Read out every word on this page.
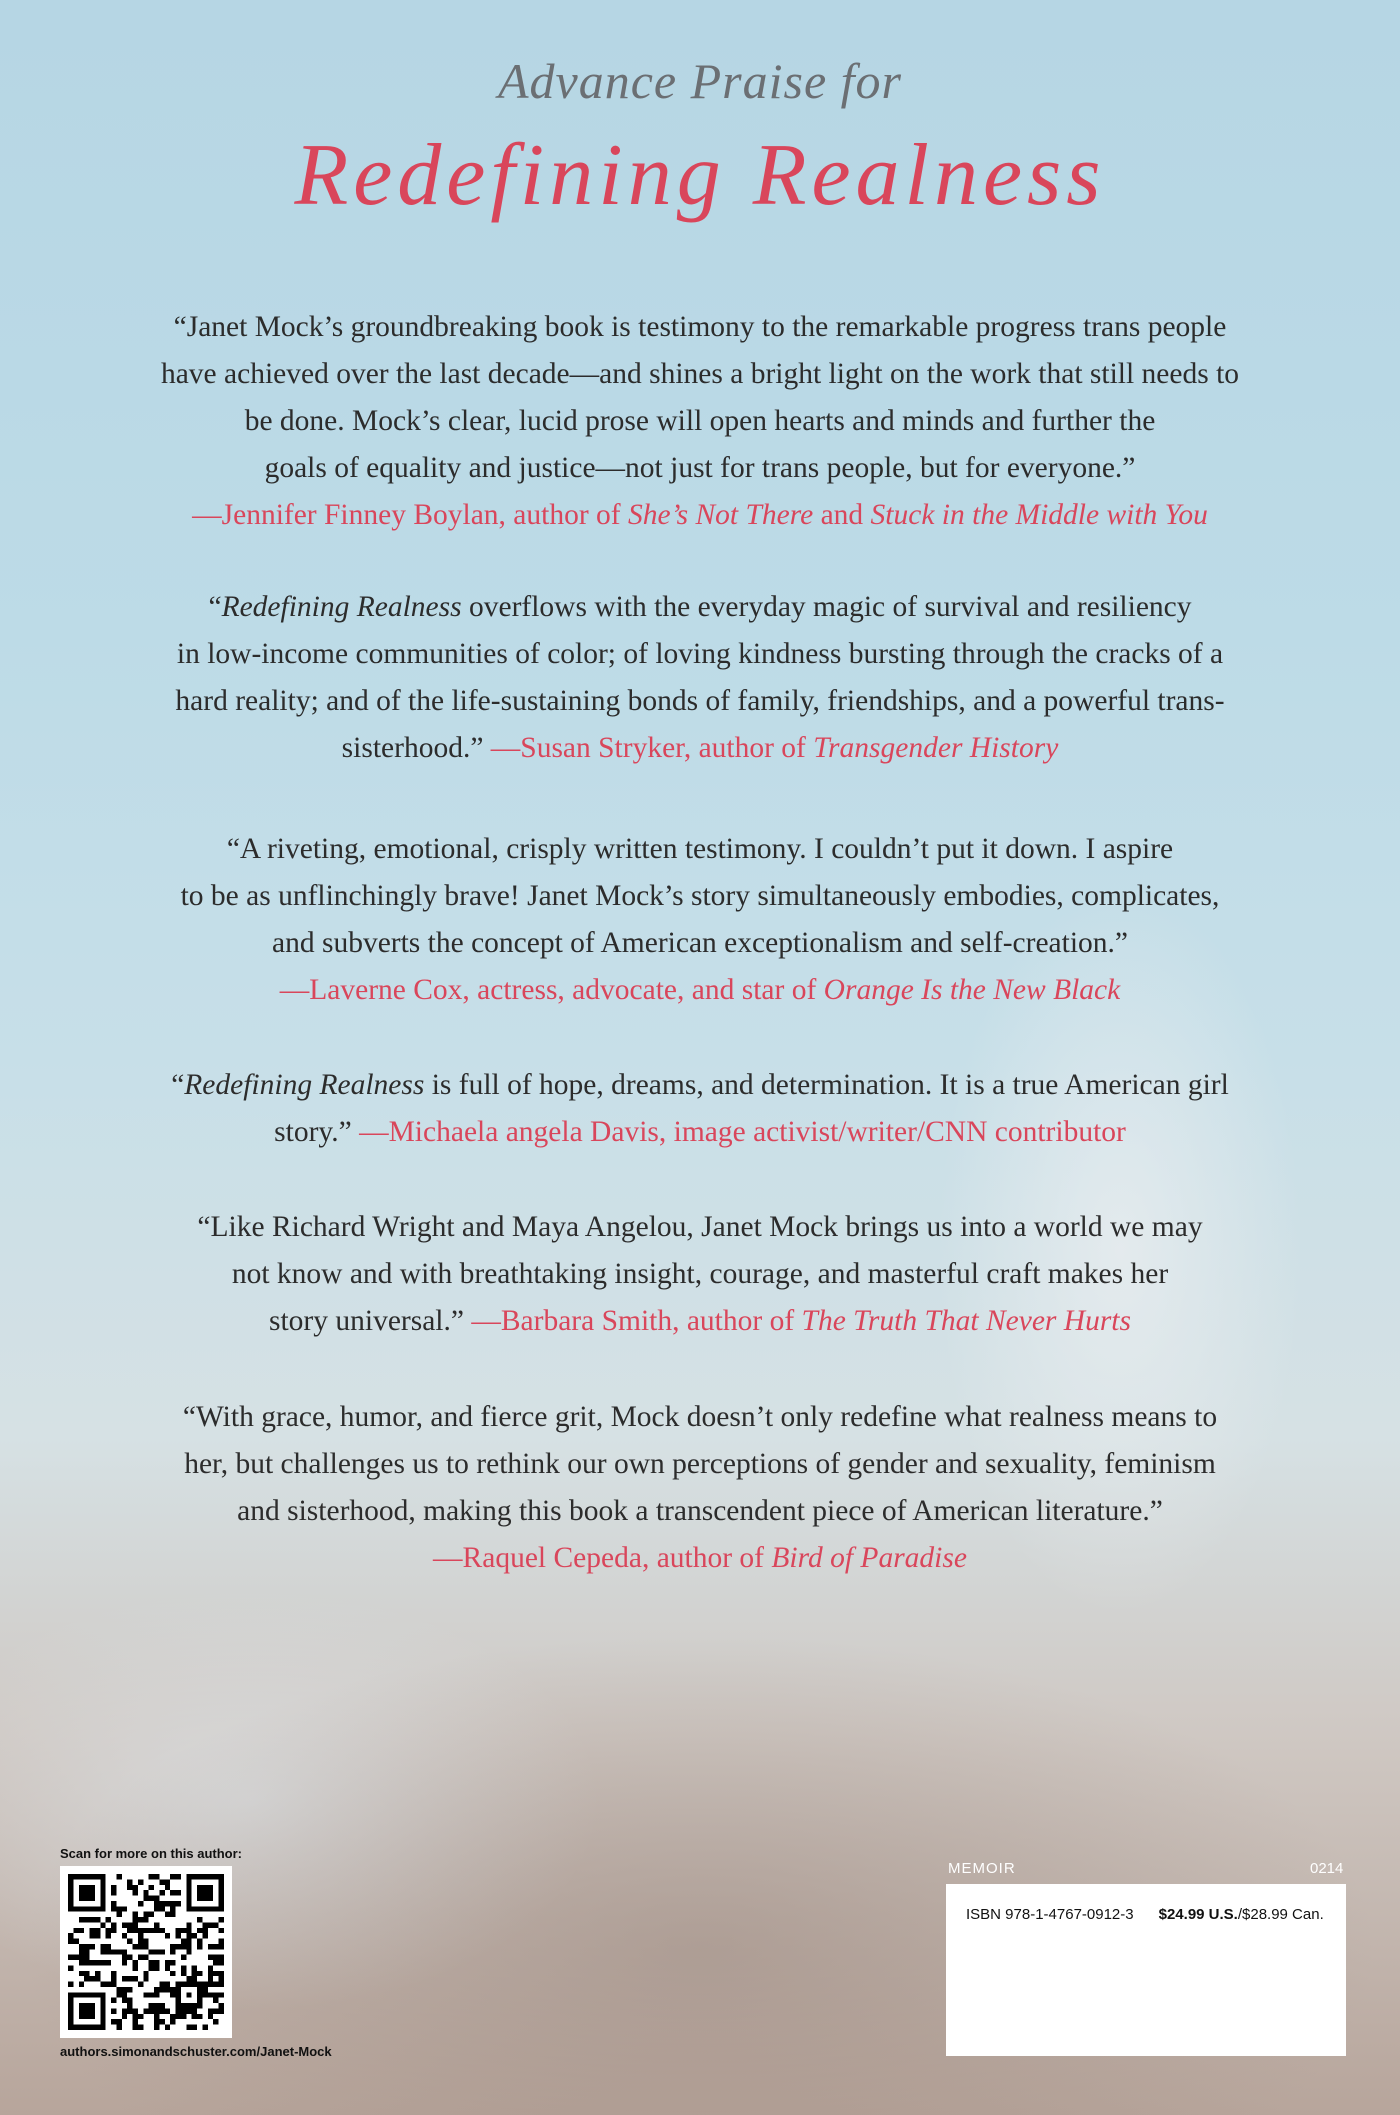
Advance Praise for
Redefining Realness
“Janet Mock’s groundbreaking book is testimony to the remarkable progress trans people
have achieved over the last decade—and shines a bright light on the work that still needs to
be done. Mock’s clear, lucid prose will open hearts and minds and further the
goals of equality and justice—not just for trans people, but for everyone.”
—Jennifer Finney Boylan, author of She’s Not There and Stuck in the Middle with You
“Redefining Realness overflows with the everyday magic of survival and resiliency
in low-income communities of color; of loving kindness bursting through the cracks of a
hard reality; and of the life-sustaining bonds of family, friendships, and a powerful trans-
sisterhood.” —Susan Stryker, author of Transgender History
“A riveting, emotional, crisply written testimony. I couldn’t put it down. I aspire
to be as unflinchingly brave! Janet Mock’s story simultaneously embodies, complicates,
and subverts the concept of American exceptionalism and self-creation.”
—Laverne Cox, actress, advocate, and star of Orange Is the New Black
“Redefining Realness is full of hope, dreams, and determination. It is a true American girl
story.” —Michaela angela Davis, image activist/writer/CNN contributor
“Like Richard Wright and Maya Angelou, Janet Mock brings us into a world we may
not know and with breathtaking insight, courage, and masterful craft makes her
story universal.” —Barbara Smith, author of The Truth That Never Hurts
“With grace, humor, and fierce grit, Mock doesn’t only redefine what realness means to
her, but challenges us to rethink our own perceptions of gender and sexuality, feminism
and sisterhood, making this book a transcendent piece of American literature.”
—Raquel Cepeda, author of Bird of Paradise
Scan for more on this author:
authors.simonandschuster.com/Janet-Mock
MEMOIR	0214
ISBN 978-1-4767-0912-3 $24.99 U.S./$28.99 Can.
